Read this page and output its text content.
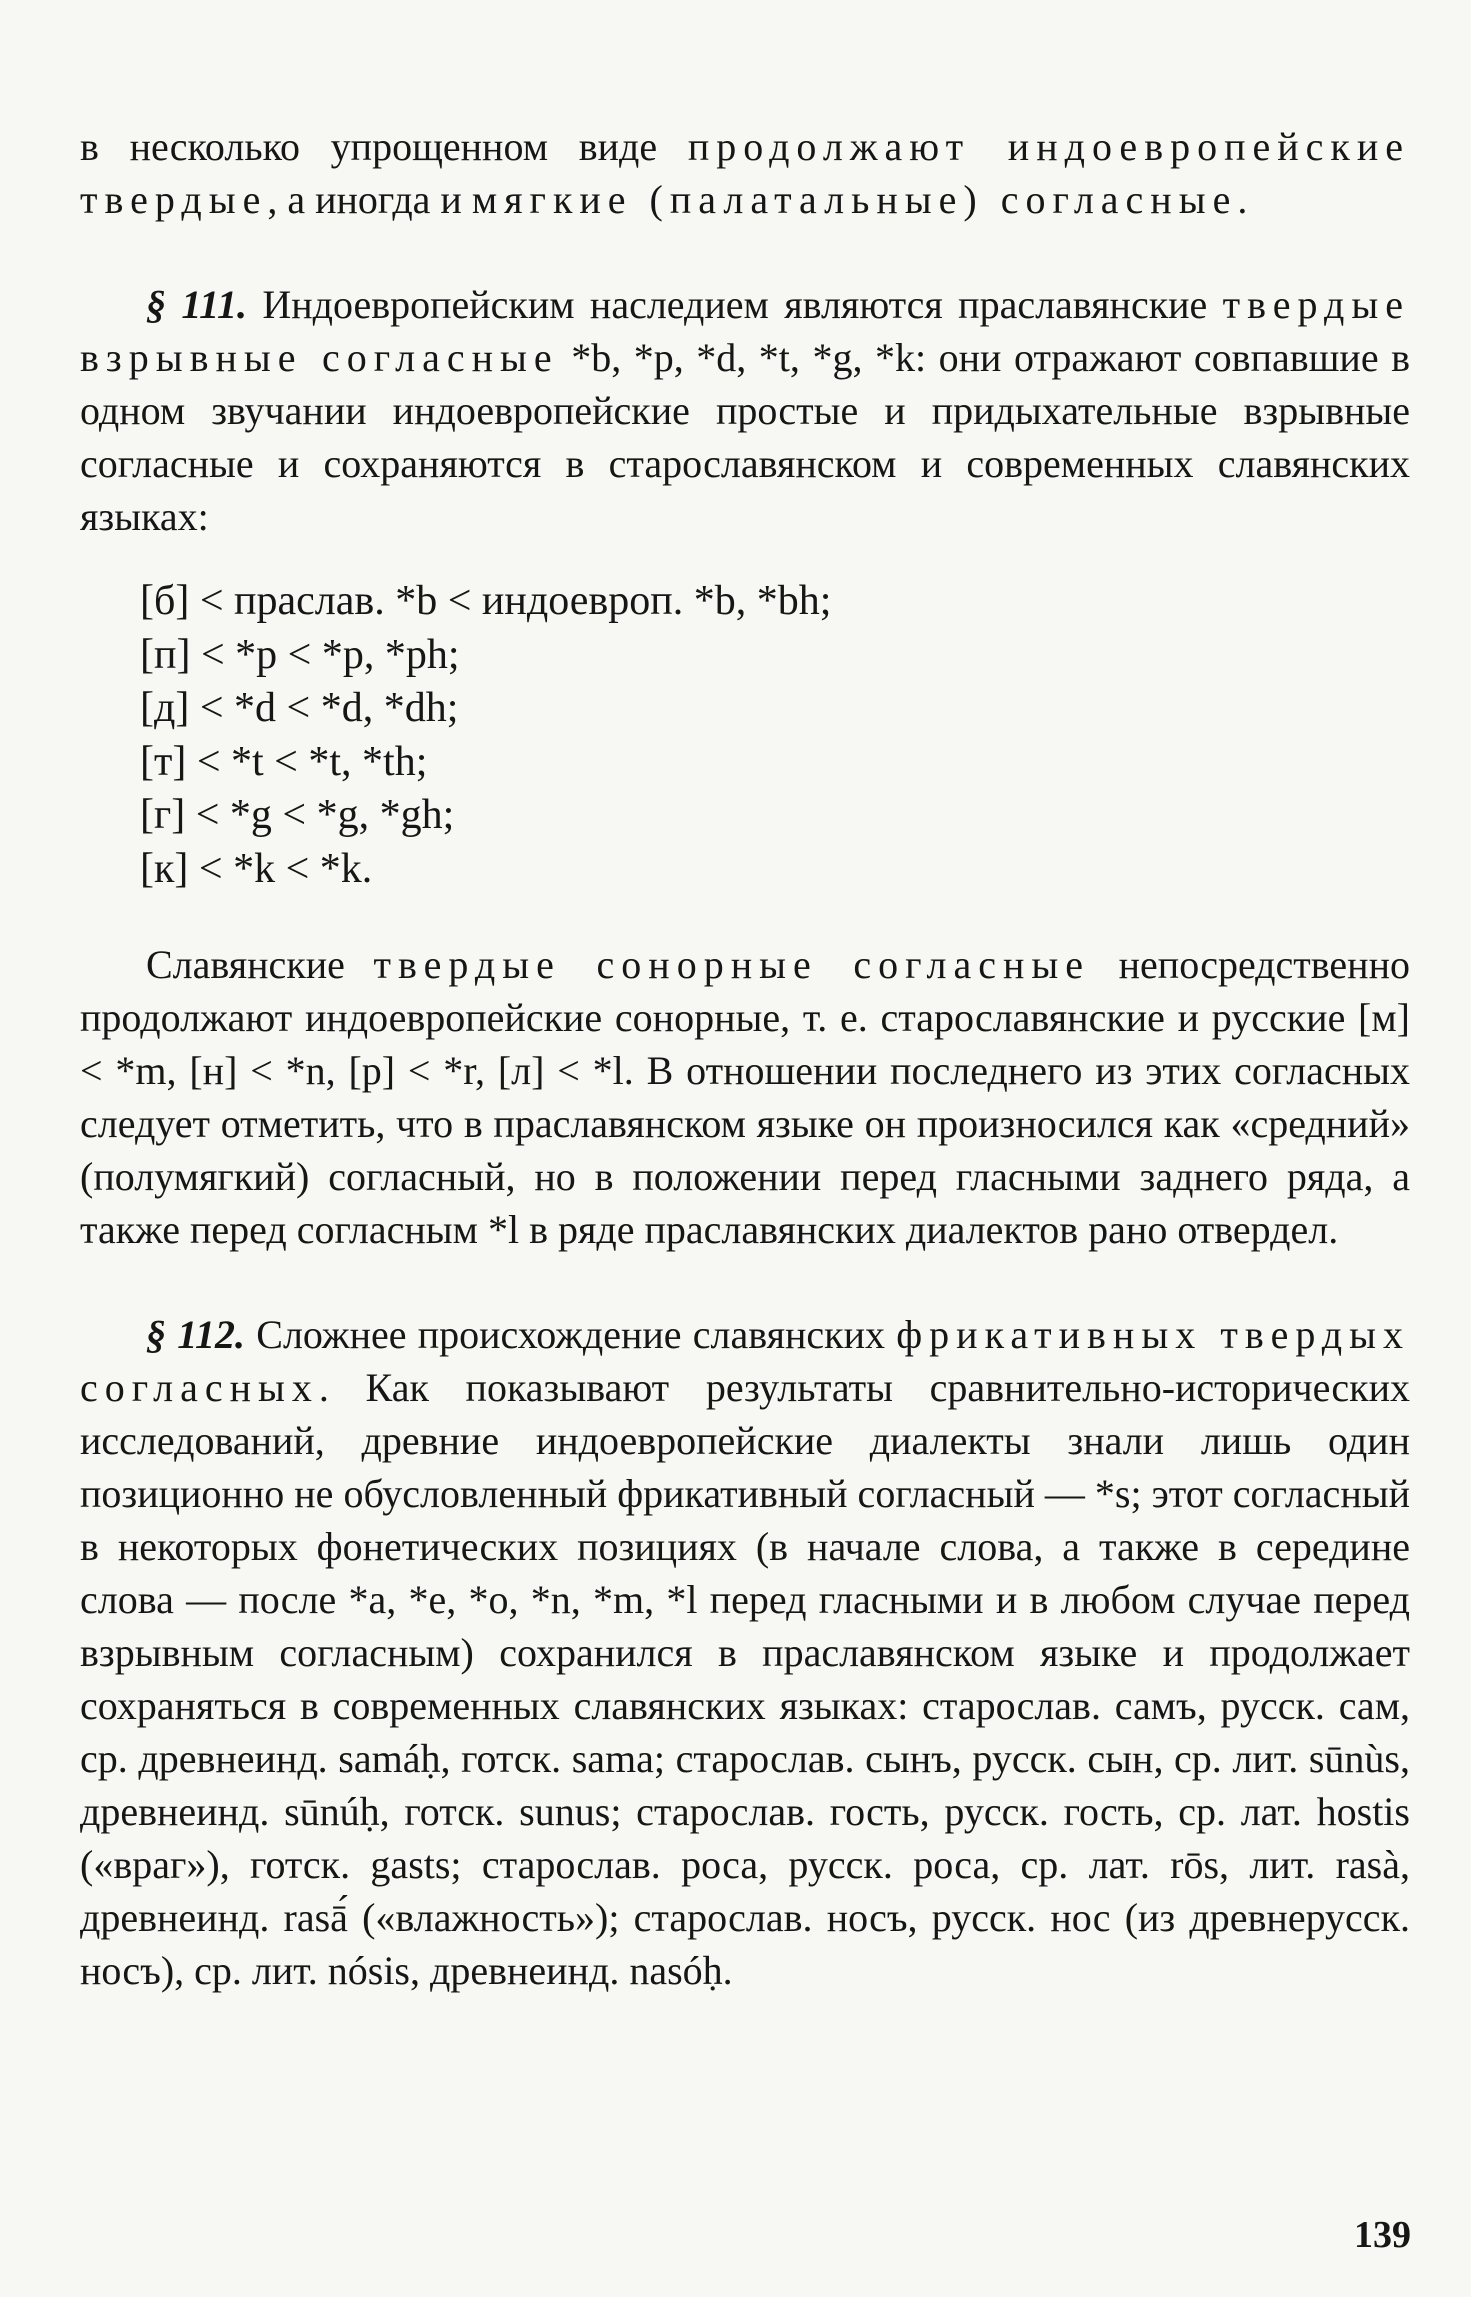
в несколько упрощенном виде продолжают индоевропейские твердые, а иногда и мягкие (палатальные) согласные.

§ 111. Индоевропейским наследием являются праславянские твердые взрывные согласные *b, *p, *d, *t, *g, *k: они отражают совпавшие в одном звучании индоевропейские простые и придыхательные взрывные согласные и сохраняются в старославянском и современных славянских языках:

[б] < праслав. *b < индоевроп. *b, *bh;
[п] < *p < *p, *ph;
[д] < *d < *d, *dh;
[т] < *t < *t, *th;
[г] < *g < *g, *gh;
[к] < *k < *k.

Славянские твердые сонорные согласные непосредственно продолжают индоевропейские сонорные, т. е. старославянские и русские [м] < *m, [н] < *n, [р] < *r, [л] < *l. В отношении последнего из этих согласных следует отметить, что в праславянском языке он произносился как «средний» (полумягкий) согласный, но в положении перед гласными заднего ряда, а также перед согласным *l в ряде праславянских диалектов рано отвердел.

§ 112. Сложнее происхождение славянских фрикативных твердых согласных. Как показывают результаты сравнительно-исторических исследований, древние индоевропейские диалекты знали лишь один позиционно не обусловленный фрикативный согласный — *s; этот согласный в некоторых фонетических позициях (в начале слова, а также в середине слова — после *a, *e, *o, *n, *m, *l перед гласными и в любом случае перед взрывным согласным) сохранился в праславянском языке и продолжает сохраняться в современных славянских языках: старослав. самъ, русск. сам, ср. древнеинд. samáḥ, готск. sama; старослав. сынъ, русск. сын, ср. лит. sūnùs, древнеинд. sūnúḥ, готск. sunus; старослав. гость, русск. гость, ср. лат. hostis («враг»), готск. gasts; старослав. роса, русск. роса, ср. лат. rōs, лит. rasà, древнеинд. rasā́ («влажность»); старослав. носъ, русск. нос (из древнерусск. носъ), ср. лит. nósis, древнеинд. nasóḥ.

139
